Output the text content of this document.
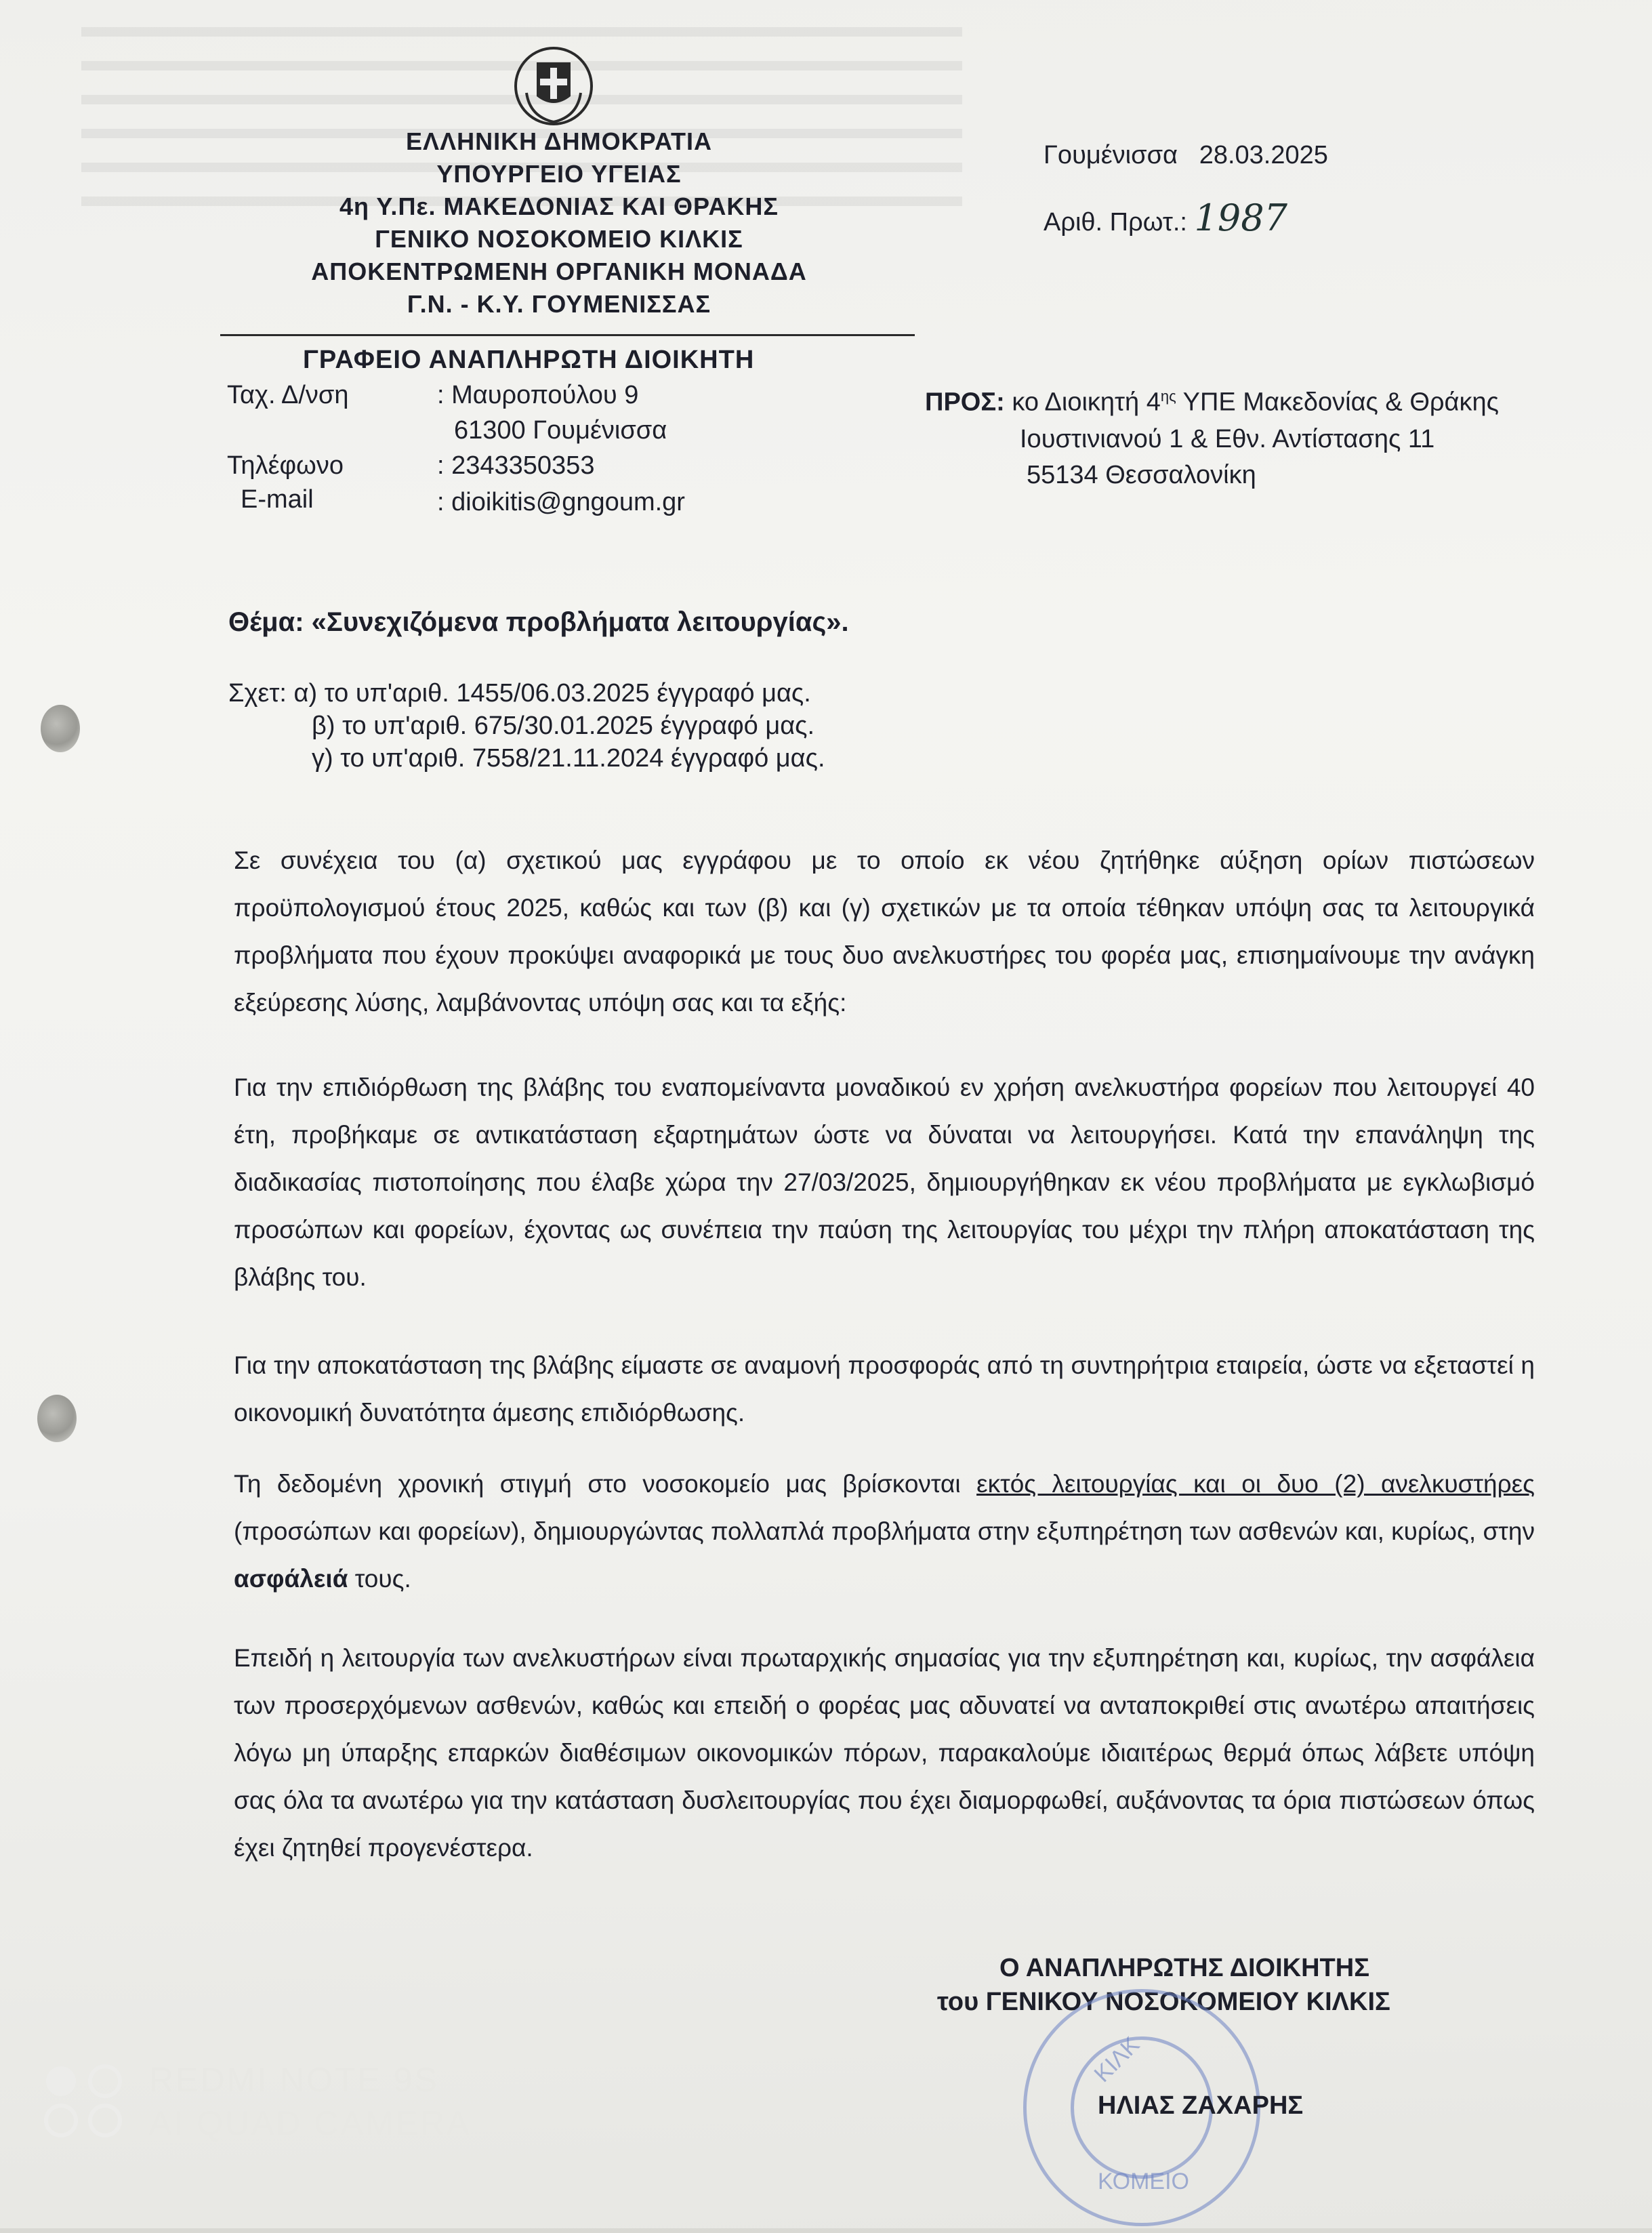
ΕΛΛΗΝΙΚΗ ΔΗΜΟΚΡΑΤΙΑ
ΥΠΟΥΡΓΕΙΟ ΥΓΕΙΑΣ
4η Υ.Πε. ΜΑΚΕΔΟΝΙΑΣ ΚΑΙ ΘΡΑΚΗΣ
ΓΕΝΙΚΟ ΝΟΣΟΚΟΜΕΙΟ ΚΙΛΚΙΣ
ΑΠΟΚΕΝΤΡΩΜΕΝΗ ΟΡΓΑΝΙΚΗ ΜΟΝΑΔΑ
Γ.Ν. - Κ.Υ. ΓΟΥΜΕΝΙΣΣΑΣ
ΓΡΑΦΕΙΟ ΑΝΑΠΛΗΡΩΤΗ ΔΙΟΙΚΗΤΗ
Γουμένισσα 28.03.2025
Αριθ. Πρωτ.: 1987
Ταχ. Δ/νση	: Μαυροπούλου 9
61300 Γουμένισσα
Τηλέφωνο	: 2343350353
E-mail	: dioikitis@gngoum.gr
ΠΡΟΣ: κο Διοικητή $4^{\eta\varsigma}$ ΥΠΕ Μακεδονίας & Θράκης
Ιουστινιανού 1 & Εθν. Αντίστασης 11
55134 Θεσσαλονίκη
Θέμα: «Συνεχιζόμενα προβλήματα λειτουργίας».
Σχετ: α) το υπ'αριθ. 1455/06.03.2025 έγγραφό μας.
β) το υπ'αριθ. 675/30.01.2025 έγγραφό μας.
γ) το υπ'αριθ. 7558/21.11.2024 έγγραφό μας.
Σε συνέχεια του (α) σχετικού μας εγγράφου με το οποίο εκ νέου ζητήθηκε αύξηση ορίων πιστώσεων προϋπολογισμού έτους 2025, καθώς και των (β) και (γ) σχετικών με τα οποία τέθηκαν υπόψη σας τα λειτουργικά προβλήματα που έχουν προκύψει αναφορικά με τους δυο ανελκυστήρες του φορέα μας, επισημαίνουμε την ανάγκη εξεύρεσης λύσης, λαμβάνοντας υπόψη σας και τα εξής:
Για την επιδιόρθωση της βλάβης του εναπομείναντα μοναδικού εν χρήση ανελκυστήρα φορείων που λειτουργεί 40 έτη, προβήκαμε σε αντικατάσταση εξαρτημάτων ώστε να δύναται να λειτουργήσει. Κατά την επανάληψη της διαδικασίας πιστοποίησης που έλαβε χώρα την 27/03/2025, δημιουργήθηκαν εκ νέου προβλήματα με εγκλωβισμό προσώπων και φορείων, έχοντας ως συνέπεια την παύση της λειτουργίας του μέχρι την πλήρη αποκατάσταση της βλάβης του.
Για την αποκατάσταση της βλάβης είμαστε σε αναμονή προσφοράς από τη συντηρήτρια εταιρεία, ώστε να εξεταστεί η οικονομική δυνατότητα άμεσης επιδιόρθωσης.
Τη δεδομένη χρονική στιγμή στο νοσοκομείο μας βρίσκονται εκτός λειτουργίας και οι δυο (2) ανελκυστήρες (προσώπων και φορείων), δημιουργώντας πολλαπλά προβλήματα στην εξυπηρέτηση των ασθενών και, κυρίως, στην ασφάλειά τους.
Επειδή η λειτουργία των ανελκυστήρων είναι πρωταρχικής σημασίας για την εξυπηρέτηση και, κυρίως, την ασφάλεια των προσερχόμενων ασθενών, καθώς και επειδή ο φορέας μας αδυνατεί να ανταποκριθεί στις ανωτέρω απαιτήσεις λόγω μη ύπαρξης επαρκών διαθέσιμων οικονομικών πόρων, παρακαλούμε ιδιαιτέρως θερμά όπως λάβετε υπόψη σας όλα τα ανωτέρω για την κατάσταση δυσλειτουργίας που έχει διαμορφωθεί, αυξάνοντας τα όρια πιστώσεων όπως έχει ζητηθεί προγενέστερα.
Ο ΑΝΑΠΛΗΡΩΤΗΣ ΔΙΟΙΚΗΤΗΣ
του ΓΕΝΙΚΟΥ ΝΟΣΟΚΟΜΕΙΟΥ ΚΙΛΚΙΣ
ΚΙΛΚ
ΚΟΜΕΙΟ
ΗΛΙΑΣ ΖΑΧΑΡΗΣ
REDMI NOTE 9S
AI QUAD CAMERA
